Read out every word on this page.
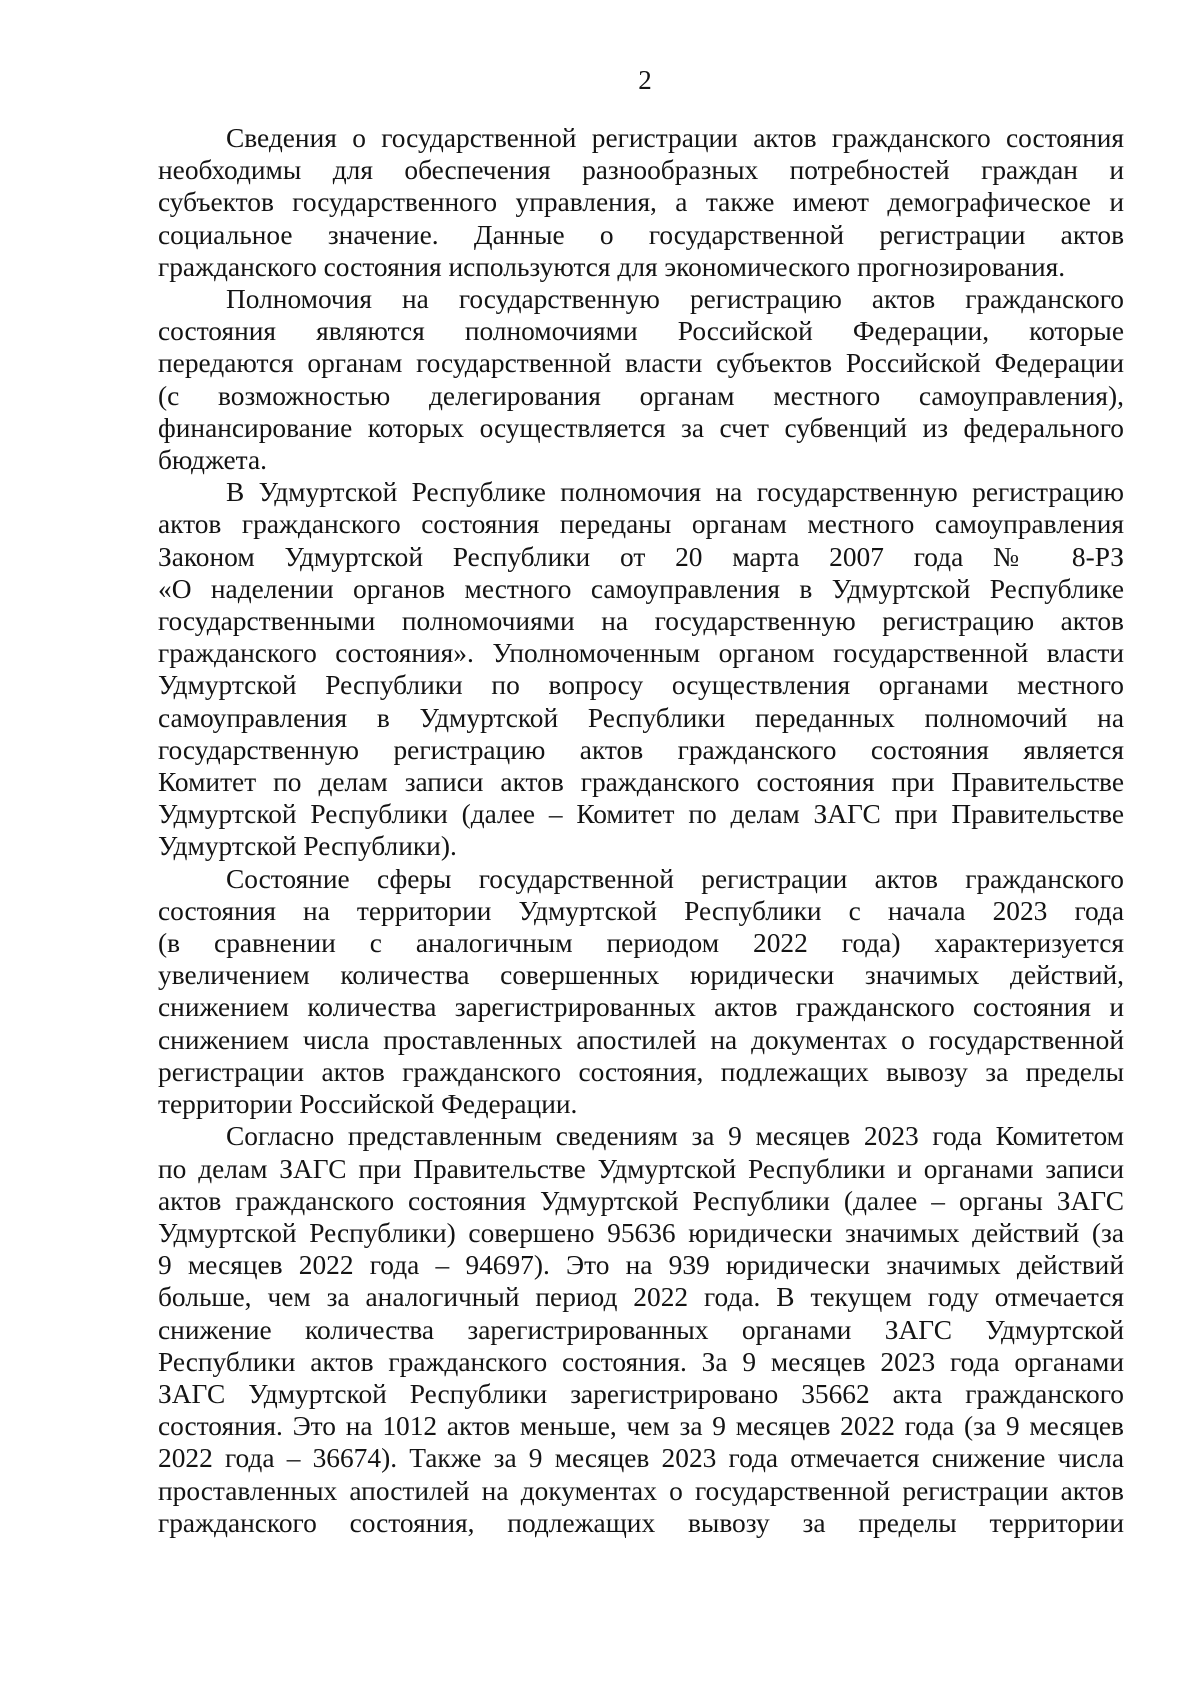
2

Сведения о государственной регистрации актов гражданского состояния
необходимы для обеспечения разнообразных потребностей граждан и
субъектов государственного управления, а также имеют демографическое и
социальное значение. Данные о государственной регистрации актов
гражданского состояния используются для экономического прогнозирования.

Полномочия на государственную регистрацию актов гражданского
состояния являются полномочиями Российской Федерации, которые
передаются органам государственной власти субъектов Российской Федерации
(с возможностью делегирования органам местного самоуправления),
финансирование которых осуществляется за счет субвенций из федерального
бюджета.

В Удмуртской Республике полномочия на государственную регистрацию
актов гражданского состояния переданы органам местного самоуправления
Законом Удмуртской Республики от 20 марта 2007 года № 8-РЗ
«О наделении органов местного самоуправления в Удмуртской Республике
государственными полномочиями на государственную регистрацию актов
гражданского состояния». Уполномоченным органом государственной власти
Удмуртской Республики по вопросу осуществления органами местного
самоуправления в Удмуртской Республики переданных полномочий на
государственную регистрацию актов гражданского состояния является
Комитет по делам записи актов гражданского состояния при Правительстве
Удмуртской Республики (далее – Комитет по делам ЗАГС при Правительстве
Удмуртской Республики).

Состояние сферы государственной регистрации актов гражданского
состояния на территории Удмуртской Республики с начала 2023 года
(в сравнении с аналогичным периодом 2022 года) характеризуется
увеличением количества совершенных юридически значимых действий,
снижением количества зарегистрированных актов гражданского состояния и
снижением числа проставленных апостилей на документах о государственной
регистрации актов гражданского состояния, подлежащих вывозу за пределы
территории Российской Федерации.

Согласно представленным сведениям за 9 месяцев 2023 года Комитетом
по делам ЗАГС при Правительстве Удмуртской Республики и органами записи
актов гражданского состояния Удмуртской Республики (далее – органы ЗАГС
Удмуртской Республики) совершено 95636 юридически значимых действий (за
9 месяцев 2022 года – 94697). Это на 939 юридически значимых действий
больше, чем за аналогичный период 2022 года. В текущем году отмечается
снижение количества зарегистрированных органами ЗАГС Удмуртской
Республики актов гражданского состояния. За 9 месяцев 2023 года органами
ЗАГС Удмуртской Республики зарегистрировано 35662 акта гражданского
состояния. Это на 1012 актов меньше, чем за 9 месяцев 2022 года (за 9 месяцев
2022 года – 36674). Также за 9 месяцев 2023 года отмечается снижение числа
проставленных апостилей на документах о государственной регистрации актов
гражданского состояния, подлежащих вывозу за пределы территории
